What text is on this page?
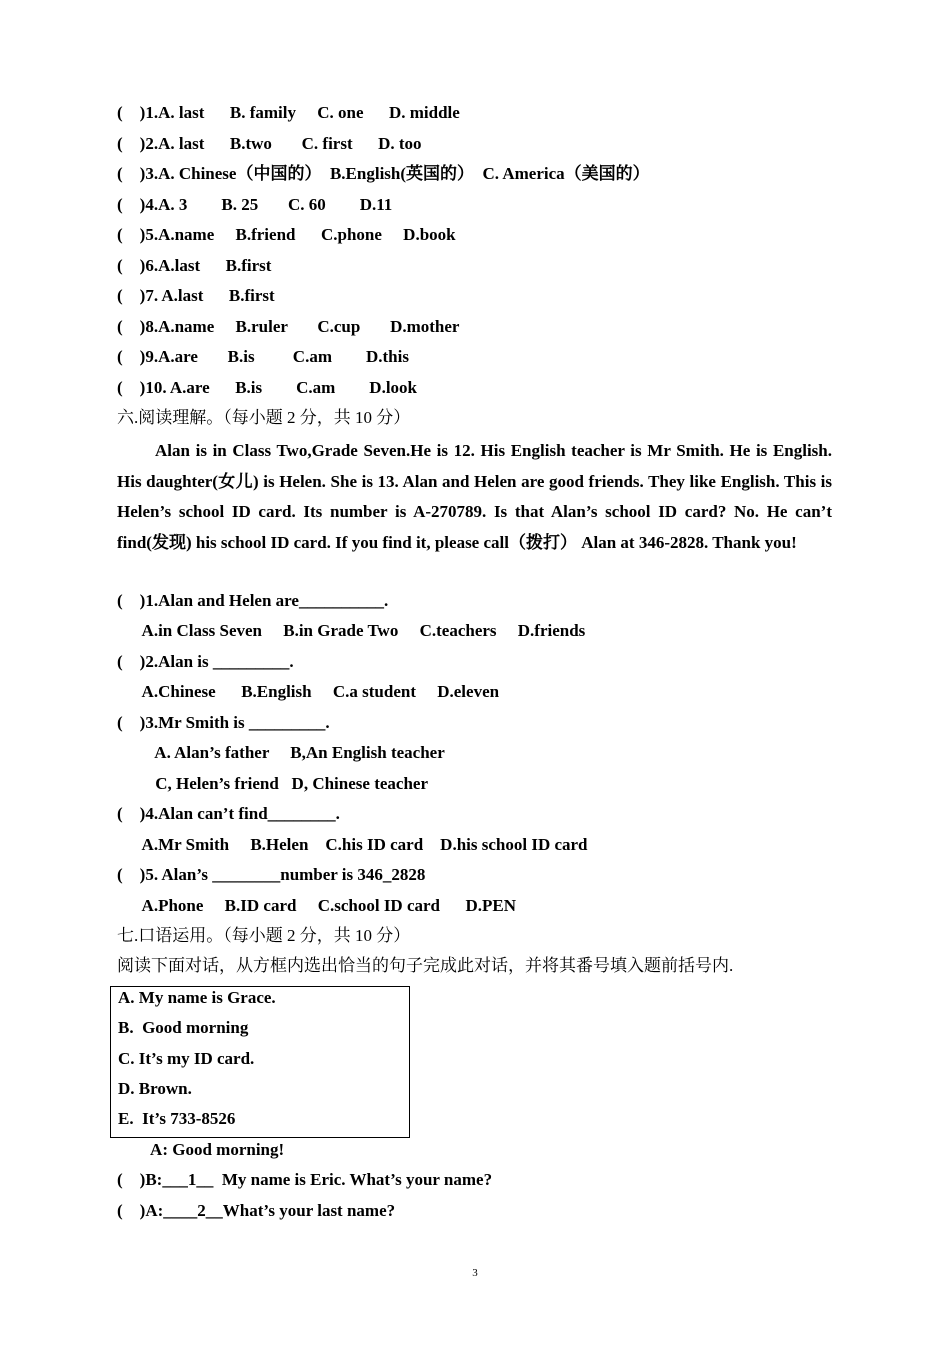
(    )1.A. last      B. family     C. one      D. middle
(    )2.A. last      B.two       C. first      D. too
(    )3.A. Chinese（中国的）  B.English(英国的）  C. America（美国的）
(    )4.A. 3        B. 25       C. 60        D.11
(    )5.A.name     B.friend      C.phone     D.book
(    )6.A.last      B.first
(    )7. A.last      B.first
(    )8.A.name     B.ruler       C.cup       D.mother
(    )9.A.are       B.is         C.am        D.this
(    )10. A.are      B.is        C.am        D.look
六.阅读理解。（每小题 2 分，共 10 分）
Alan is in Class Two,Grade Seven.He is 12. His English teacher is Mr Smith. He is English. His daughter(女儿) is Helen. She is 13. Alan and Helen are good friends. They like English. This is Helen’s school ID card. Its number is A-270789. Is that Alan’s school ID card? No. He can’t find(发现) his school ID card. If you find it, please call（拨打） Alan at 346-2828. Thank you!
(    )1.Alan and Helen are__________.
A.in Class Seven     B.in Grade Two     C.teachers     D.friends
(    )2.Alan is _________.
A.Chinese      B.English     C.a student     D.eleven
(    )3.Mr Smith is _________.
A. Alan’s father     B,An English teacher
C, Helen’s friend   D, Chinese teacher
(    )4.Alan can’t find________.
A.Mr Smith     B.Helen    C.his ID card    D.his school ID card
(    )5. Alan’s ________number is 346_2828
A.Phone     B.ID card     C.school ID card      D.PEN
七.口语运用。（每小题 2 分，共 10 分）
阅读下面对话，从方框内选出恰当的句子完成此对话，并将其番号填入题前括号内.
A. My name is Grace.
B.  Good morning
C. It’s my ID card.
D. Brown.
E.  It’s 733-8526
A: Good morning!
(    )B:___1__  My name is Eric. What’s your name?
(    )A:____2__What’s your last name?
3
